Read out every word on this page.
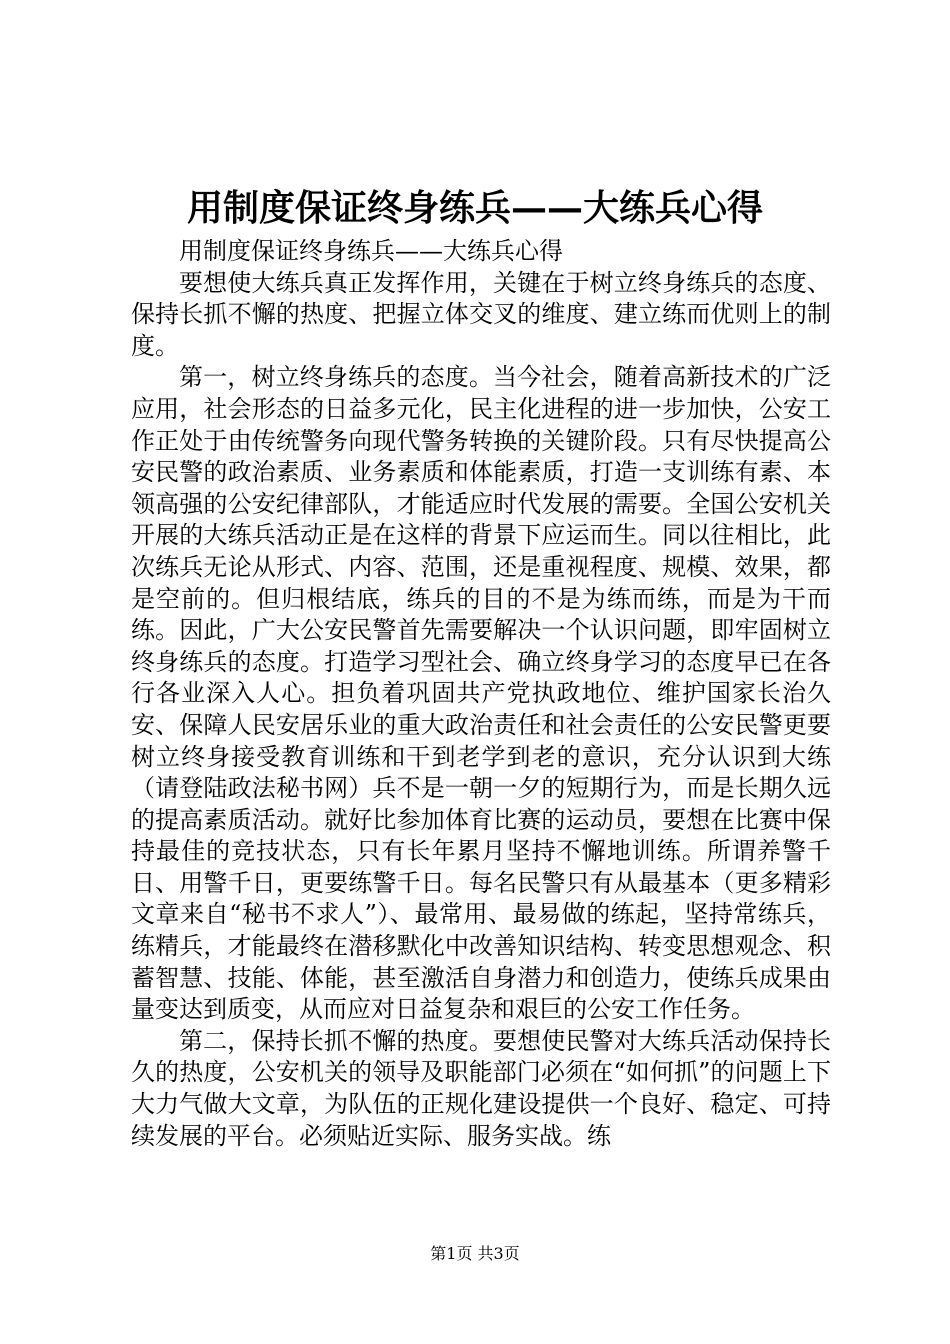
用制度保证终身练兵——大练兵心得

用制度保证终身练兵——大练兵心得

要想使大练兵真正发挥作用，关键在于树立终身练兵的态度、保持长抓不懈的热度、把握立体交叉的维度、建立练而优则上的制度。

第一，树立终身练兵的态度。当今社会，随着高新技术的广泛应用，社会形态的日益多元化，民主化进程的进一步加快，公安工作正处于由传统警务向现代警务转换的关键阶段。只有尽快提高公安民警的政治素质、业务素质和体能素质，打造一支训练有素、本领高强的公安纪律部队，才能适应时代发展的需要。全国公安机关开展的大练兵活动正是在这样的背景下应运而生。同以往相比，此次练兵无论从形式、内容、范围，还是重视程度、规模、效果，都是空前的。但归根结底，练兵的目的不是为练而练，而是为干而练。因此，广大公安民警首先需要解决一个认识问题，即牢固树立终身练兵的态度。打造学习型社会、确立终身学习的态度早已在各行各业深入人心。担负着巩固共产党执政地位、维护国家长治久安、保障人民安居乐业的重大政治责任和社会责任的公安民警更要树立终身接受教育训练和干到老学到老的意识，充分认识到大练（请登陆政法秘书网）兵不是一朝一夕的短期行为，而是长期久远的提高素质活动。就好比参加体育比赛的运动员，要想在比赛中保持最佳的竞技状态，只有长年累月坚持不懈地训练。所谓养警千日、用警千日，更要练警千日。每名民警只有从最基本（更多精彩文章来自“秘书不求人”）、最常用、最易做的练起，坚持常练兵，练精兵，才能最终在潜移默化中改善知识结构、转变思想观念、积蓄智慧、技能、体能，甚至激活自身潜力和创造力，使练兵成果由量变达到质变，从而应对日益复杂和艰巨的公安工作任务。

第二，保持长抓不懈的热度。要想使民警对大练兵活动保持长久的热度，公安机关的领导及职能部门必须在“如何抓”的问题上下大力气做大文章，为队伍的正规化建设提供一个良好、稳定、可持续发展的平台。必须贴近实际、服务实战。练

第1页 共3页
